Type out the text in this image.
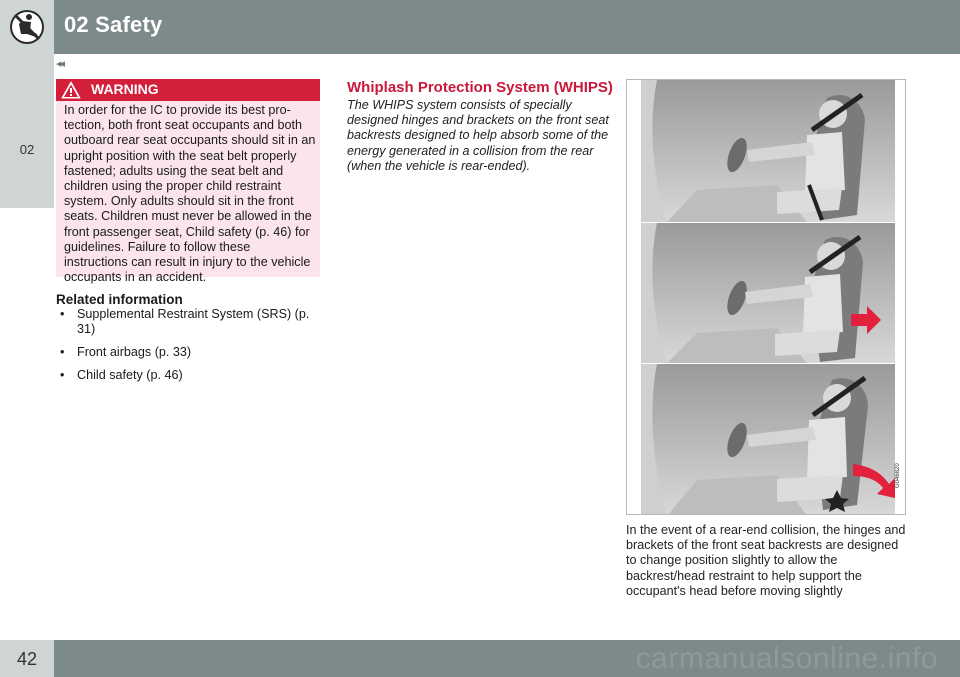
02 Safety
02
◂◂
WARNING
In order for the IC to provide its best pro-tection, both front seat occupants and both outboard rear seat occupants should sit in an upright position with the seat belt properly fastened; adults using the seat belt and children using the proper child restraint system. Only adults should sit in the front seats. Children must never be allowed in the front passenger seat, Child safety (p. 46) for guidelines. Failure to follow these instructions can result in injury to the vehicle occupants in an accident.
Related information
• Supplemental Restraint System (SRS) (p. 31)
• Front airbags (p. 33)
• Child safety (p. 46)
Whiplash Protection System (WHIPS)
The WHIPS system consists of specially designed hinges and brackets on the front seat backrests designed to help absorb some of the energy generated in a collision from the rear (when the vehicle is rear-ended).
G046820
In the event of a rear-end collision, the hinges and brackets of the front seat backrests are designed to change position slightly to allow the backrest/head restraint to help support the occupant's head before moving slightly
42	carmanualsonline.info
